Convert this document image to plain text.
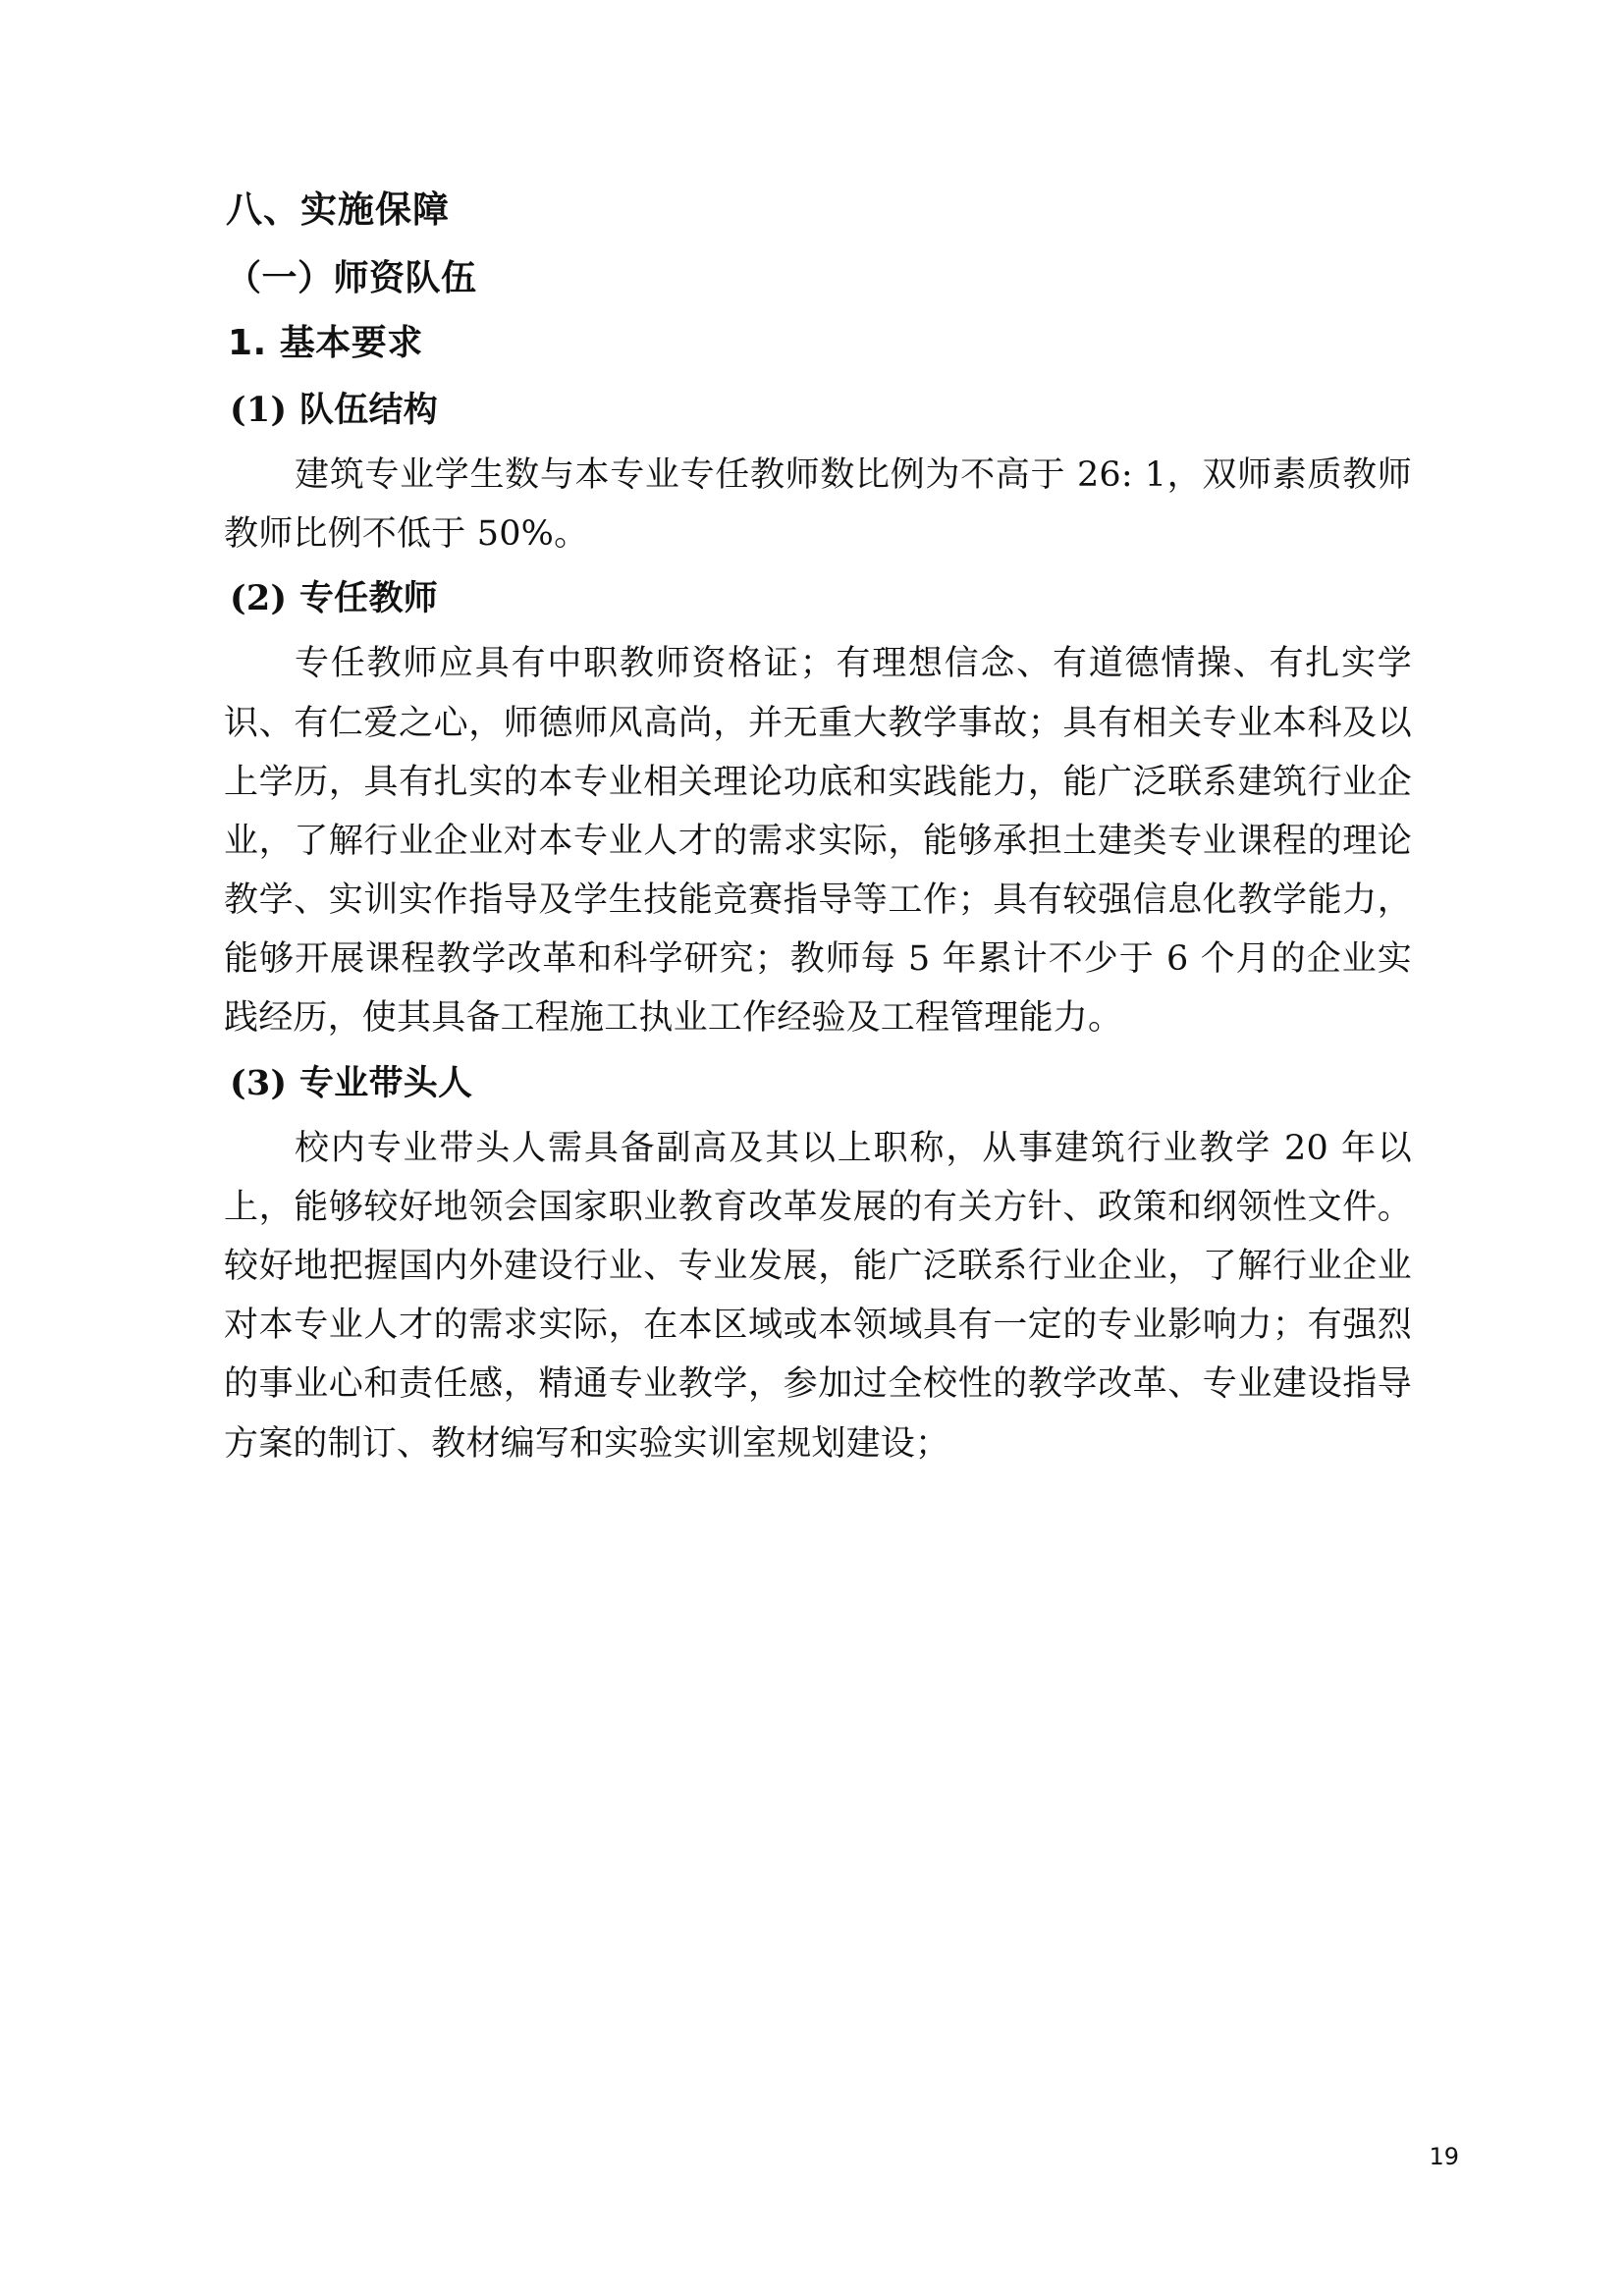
八、实施保障
（一）师资队伍
1. 基本要求
(1) 队伍结构

建筑专业学生数与本专业专任教师数比例为不高于 26: 1，双师素质教师教师比例不低于 50%。

(2) 专任教师

专任教师应具有中职教师资格证；有理想信念、有道德情操、有扎实学识、有仁爱之心，师德师风高尚，并无重大教学事故；具有相关专业本科及以上学历，具有扎实的本专业相关理论功底和实践能力，能广泛联系建筑行业企业，了解行业企业对本专业人才的需求实际，能够承担土建类专业课程的理论教学、实训实作指导及学生技能竞赛指导等工作；具有较强信息化教学能力，能够开展课程教学改革和科学研究；教师每 5 年累计不少于 6 个月的企业实践经历，使其具备工程施工执业工作经验及工程管理能力。

(3) 专业带头人

校内专业带头人需具备副高及其以上职称，从事建筑行业教学 20 年以上，能够较好地领会国家职业教育改革发展的有关方针、政策和纲领性文件。较好地把握国内外建设行业、专业发展，能广泛联系行业企业，了解行业企业对本专业人才的需求实际，在本区域或本领域具有一定的专业影响力；有强烈的事业心和责任感，精通专业教学，参加过全校性的教学改革、专业建设指导方案的制订、教材编写和实验实训室规划建设；

19
